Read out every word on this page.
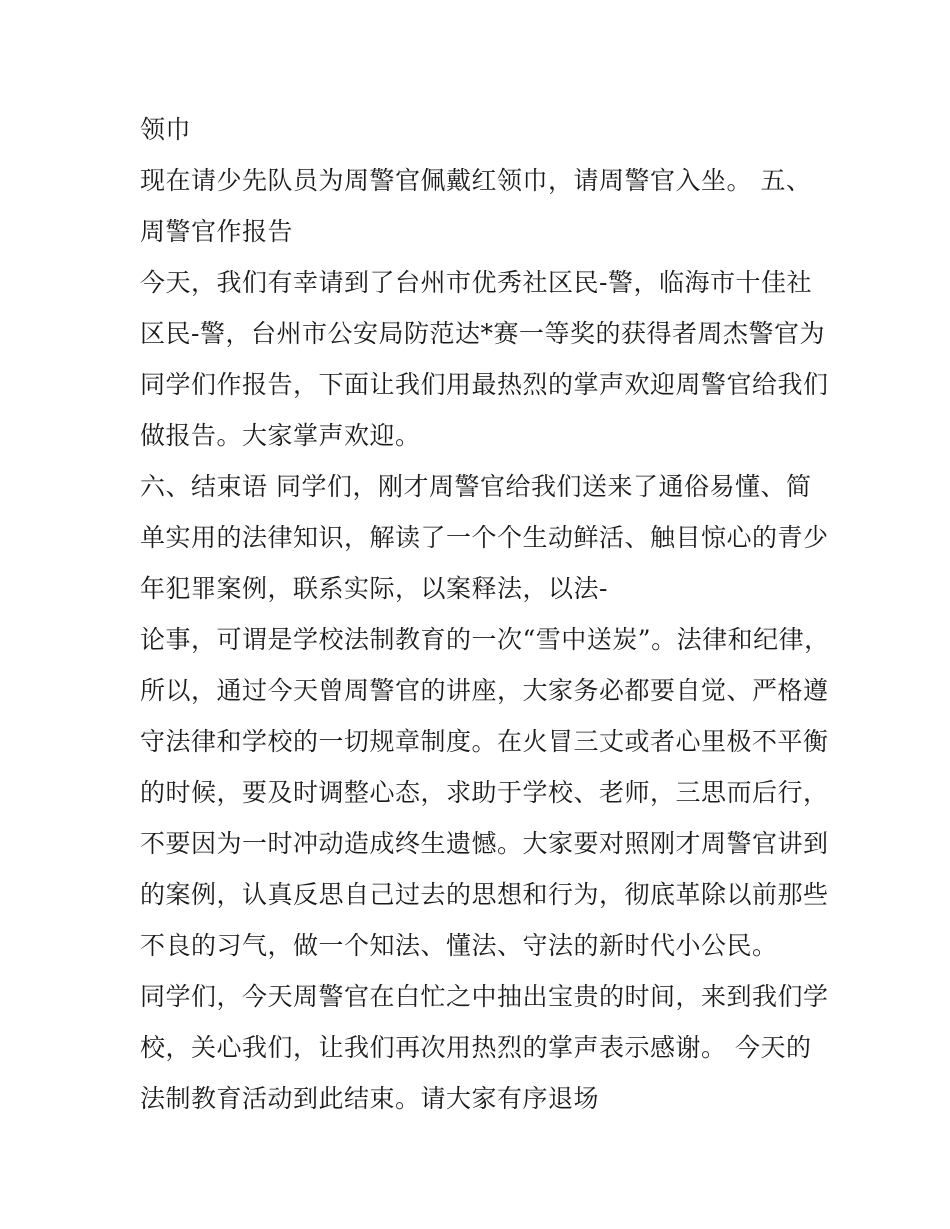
领巾
现在请少先队员为周警官佩戴红领巾，请周警官入坐。 五、
周警官作报告
今天，我们有幸请到了台州市优秀社区民-警，临海市十佳社
区民-警，台州市公安局防范达*赛一等奖的获得者周杰警官为
同学们作报告，下面让我们用最热烈的掌声欢迎周警官给我们
做报告。大家掌声欢迎。
六、结束语 同学们，刚才周警官给我们送来了通俗易懂、简
单实用的法律知识，解读了一个个生动鲜活、触目惊心的青少
年犯罪案例，联系实际，以案释法，以法-
论事，可谓是学校法制教育的一次“雪中送炭”。法律和纪律，
所以，通过今天曾周警官的讲座，大家务必都要自觉、严格遵
守法律和学校的一切规章制度。在火冒三丈或者心里极不平衡
的时候，要及时调整心态，求助于学校、老师，三思而后行，
不要因为一时冲动造成终生遗憾。大家要对照刚才周警官讲到
的案例，认真反思自己过去的思想和行为，彻底革除以前那些
不良的习气，做一个知法、懂法、守法的新时代小公民。
同学们，今天周警官在白忙之中抽出宝贵的时间，来到我们学
校，关心我们，让我们再次用热烈的掌声表示感谢。 今天的
法制教育活动到此结束。请大家有序退场
